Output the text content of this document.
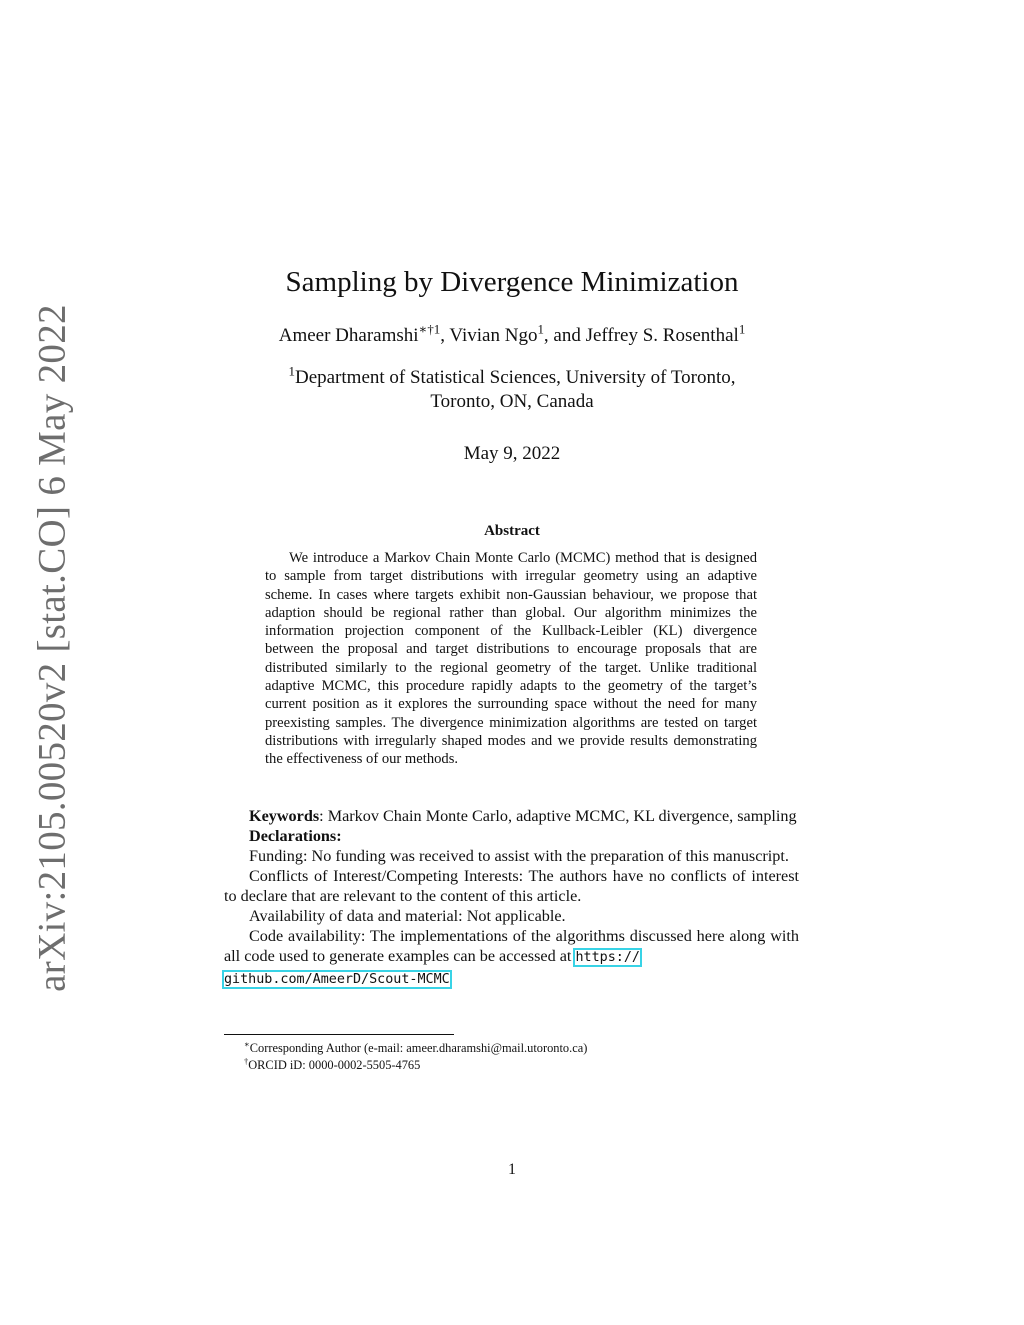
arXiv:2105.00520v2 [stat.CO] 6 May 2022
Sampling by Divergence Minimization
Ameer Dharamshi$^{∗\dagger 1}$, Vivian Ngo$^1$, and Jeffrey S. Rosenthal$^1$
$^1$Department of Statistical Sciences, University of Toronto,
Toronto, ON, Canada
May 9, 2022
Abstract
We introduce a Markov Chain Monte Carlo (MCMC) method that is designed to sample from target distributions with irregular geometry using an adaptive scheme. In cases where targets exhibit non-Gaussian behaviour, we propose that adaption should be regional rather than global. Our algorithm minimizes the information projection component of the Kullback-Leibler (KL) divergence between the proposal and target distributions to encourage proposals that are distributed similarly to the regional geometry of the target. Unlike traditional adaptive MCMC, this procedure rapidly adapts to the geometry of the target’s current position as it explores the surrounding space without the need for many preexisting samples. The divergence minimization algorithms are tested on target distributions with irregularly shaped modes and we provide results demonstrating the effectiveness of our methods.

Keywords: Markov Chain Monte Carlo, adaptive MCMC, KL divergence, sampling

Declarations:

Funding: No funding was received to assist with the preparation of this manuscript.

Conflicts of Interest/Competing Interests: The authors have no conflicts of interest to declare that are relevant to the content of this article.

Availability of data and material: Not applicable.

Code availability: The implementations of the algorithms discussed here along with all code used to generate examples can be accessed at https://
github.com/AmeerD/Scout-MCMC

∗Corresponding Author (e-mail: ameer.dharamshi@mail.utoronto.ca)

†ORCID iD: 0000-0002-5505-4765

1
